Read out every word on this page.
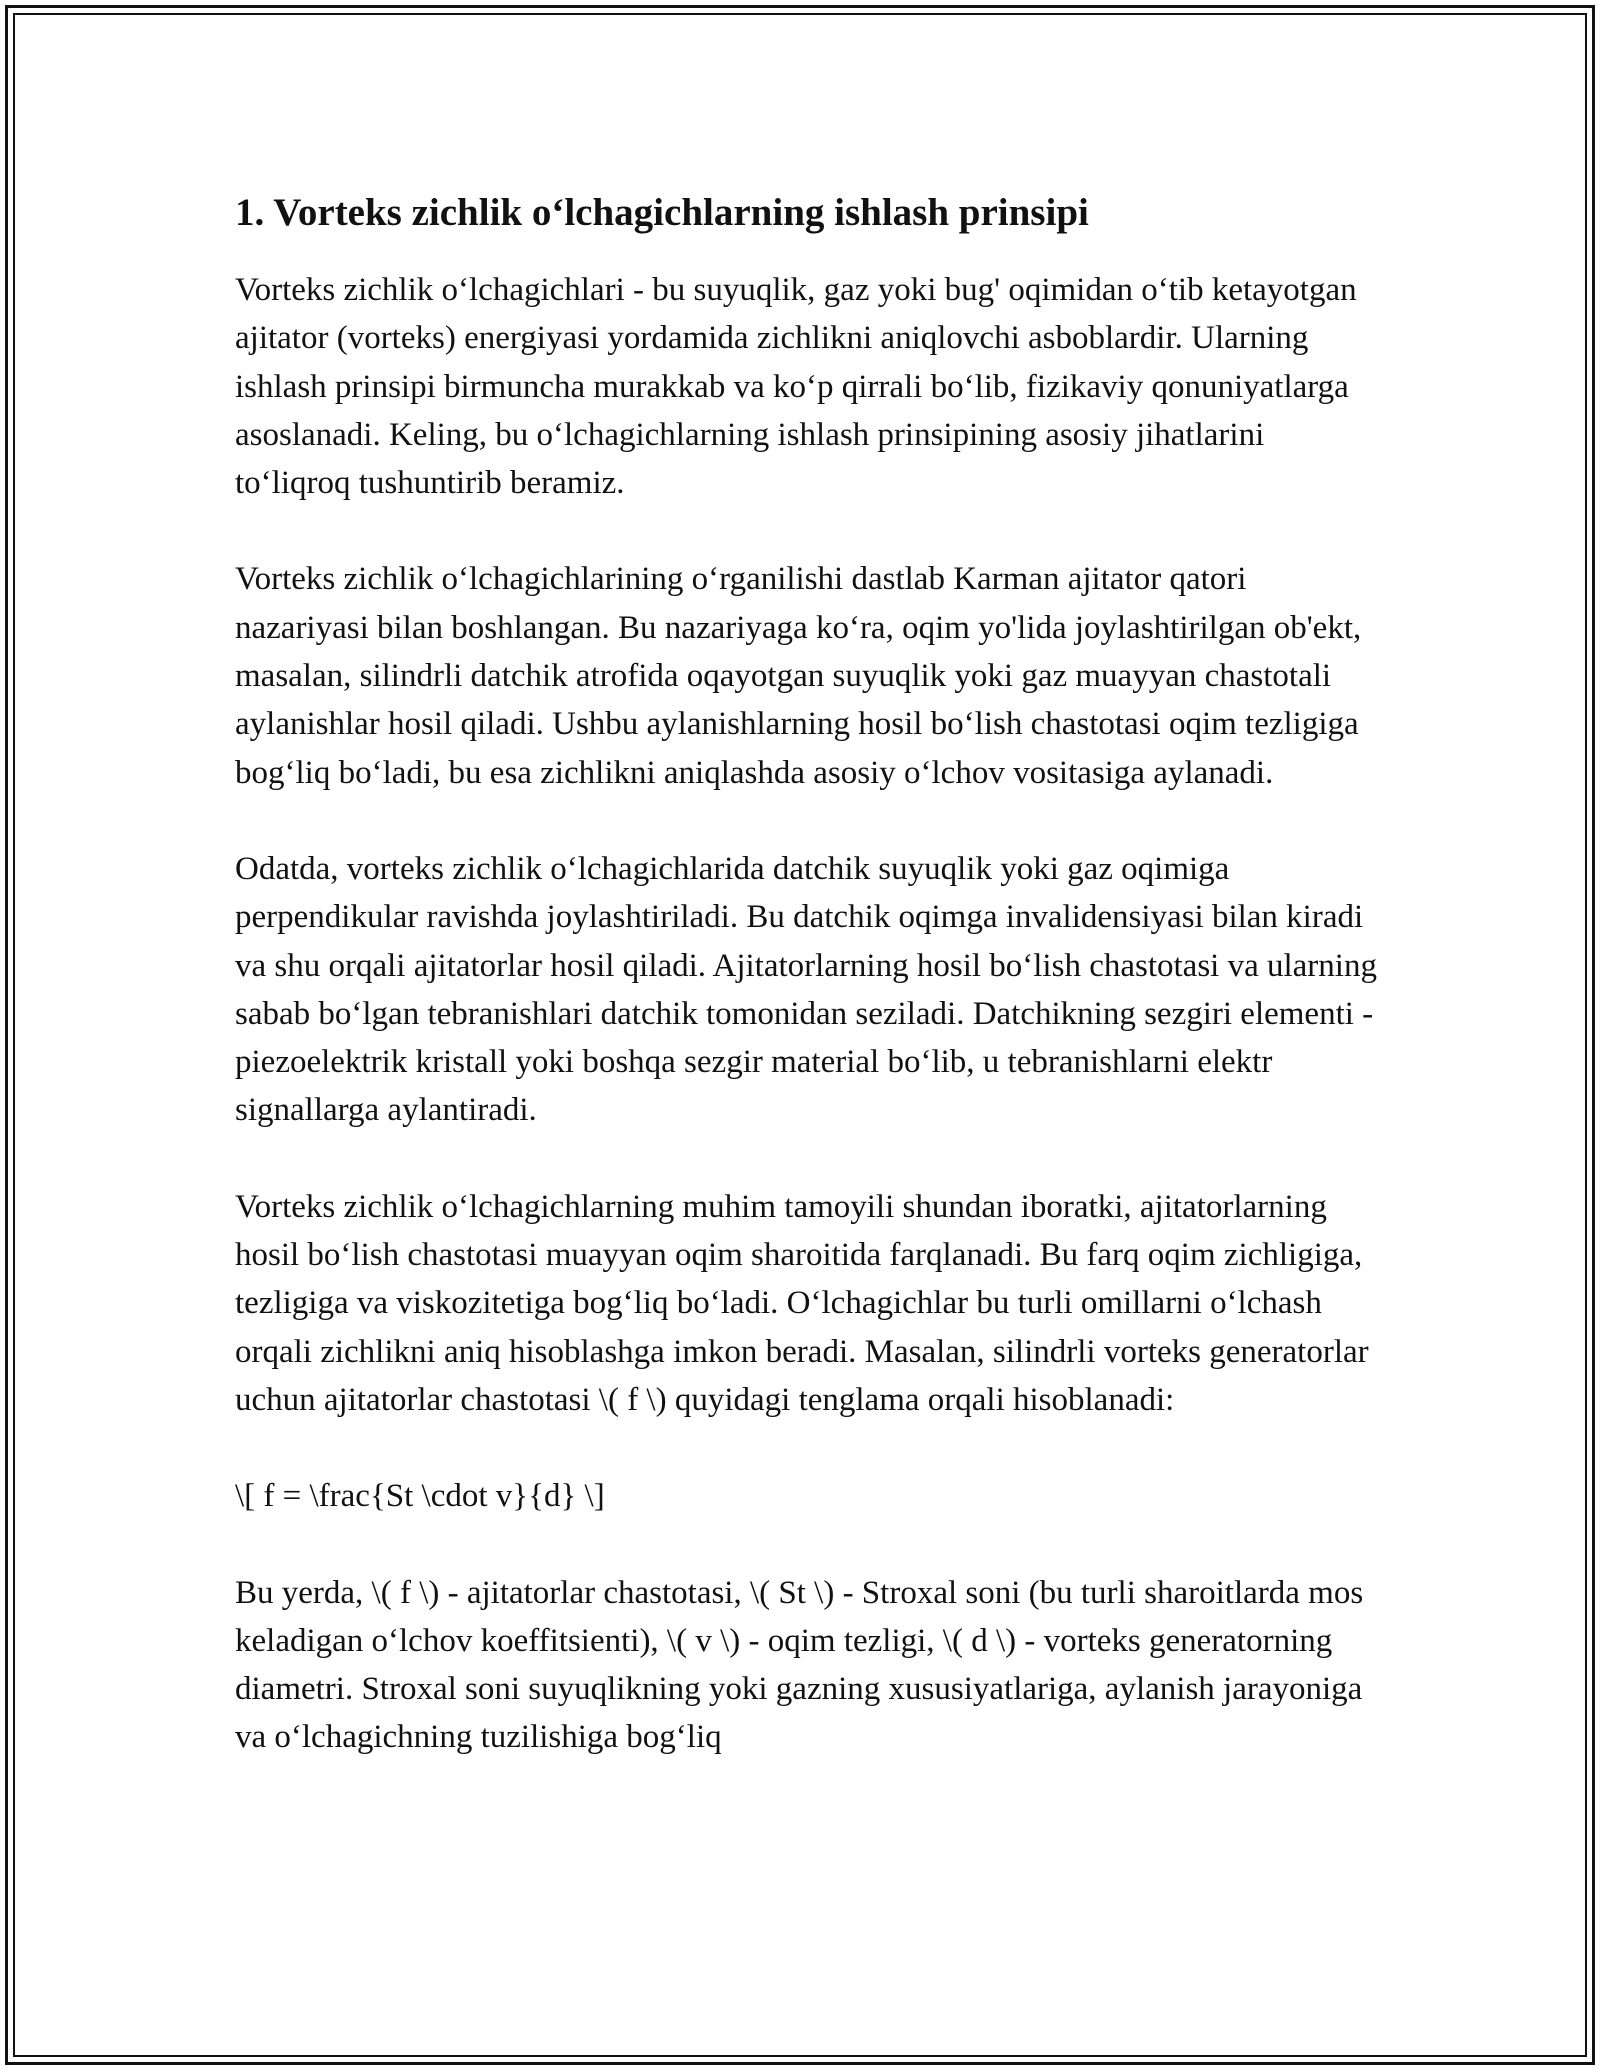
1. Vorteks zichlik o‘lchagichlarning ishlash prinsipi

Vorteks zichlik o‘lchagichlari - bu suyuqlik, gaz yoki bug' oqimidan o‘tib ketayotgan ajitator (vorteks) energiyasi yordamida zichlikni aniqlovchi asboblardir. Ularning ishlash prinsipi birmuncha murakkab va ko‘p qirrali bo‘lib, fizikaviy qonuniyatlarga asoslanadi. Keling, bu o‘lchagichlarning ishlash prinsipining asosiy jihatlarini to‘liqroq tushuntirib beramiz.

Vorteks zichlik o‘lchagichlarining o‘rganilishi dastlab Karman ajitator qatori nazariyasi bilan boshlangan. Bu nazariyaga ko‘ra, oqim yo'lida joylashtirilgan ob'ekt, masalan, silindrli datchik atrofida oqayotgan suyuqlik yoki gaz muayyan chastotali aylanishlar hosil qiladi. Ushbu aylanishlarning hosil bo‘lish chastotasi oqim tezligiga bog‘liq bo‘ladi, bu esa zichlikni aniqlashda asosiy o‘lchov vositasiga aylanadi.

Odatda, vorteks zichlik o‘lchagichlarida datchik suyuqlik yoki gaz oqimiga perpendikular ravishda joylashtiriladi. Bu datchik oqimga invalidensiyasi bilan kiradi va shu orqali ajitatorlar hosil qiladi. Ajitatorlarning hosil bo‘lish chastotasi va ularning sabab bo‘lgan tebranishlari datchik tomonidan seziladi. Datchikning sezgiri elementi - piezoelektrik kristall yoki boshqa sezgir material bo‘lib, u tebranishlarni elektr signallarga aylantiradi.

Vorteks zichlik o‘lchagichlarning muhim tamoyili shundan iboratki, ajitatorlarning hosil bo‘lish chastotasi muayyan oqim sharoitida farqlanadi. Bu farq oqim zichligiga, tezligiga va viskozitetiga bog‘liq bo‘ladi. O‘lchagichlar bu turli omillarni o‘lchash orqali zichlikni aniq hisoblashga imkon beradi. Masalan, silindrli vorteks generatorlar uchun ajitatorlar chastotasi \( f \) quyidagi tenglama orqali hisoblanadi:

\[ f = \frac{St \cdot v}{d} \]

Bu yerda, \( f \) - ajitatorlar chastotasi, \( St \) - Stroxal soni (bu turli sharoitlarda mos keladigan o‘lchov koeffitsienti), \( v \) - oqim tezligi, \( d \) - vorteks generatorning diametri. Stroxal soni suyuqlikning yoki gazning xususiyatlariga, aylanish jarayoniga va o‘lchagichning tuzilishiga bog‘liq
